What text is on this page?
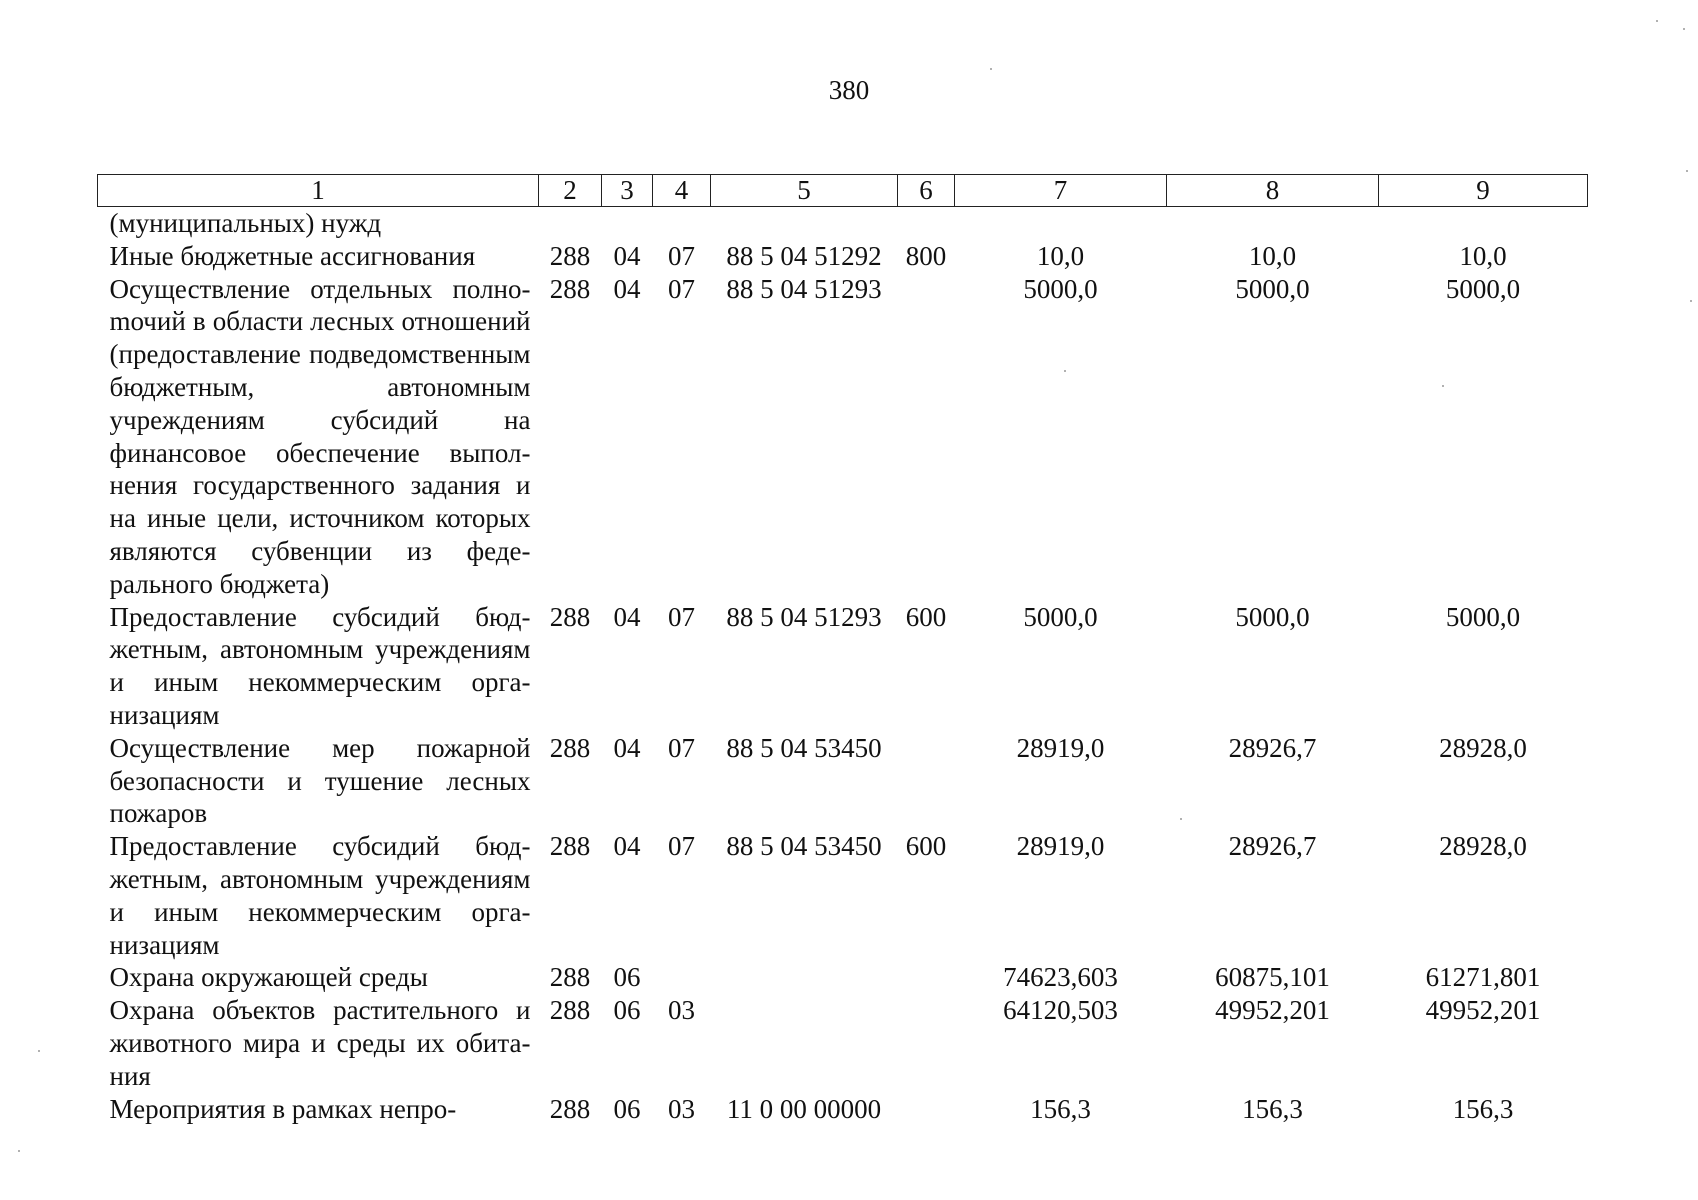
380
1	2	3	4	5	6	7	8	9
(муниципальных) нужд								
Иные бюджетные ассигнования	288	04	07	88 5 04 51292	800	10,0	10,0	10,0
Осуществление отдельных полноmочий в области лесных отношений (предоставление подведомственным бюджетным, автономным учреждениям субсидий на финансовое обеспечение выполнения государственного задания и на иные цели, источником которых являются субвенции из федерального бюджета)	288	04	07	88 5 04 51293		5000,0	5000,0	5000,0
Предоставление субсидий бюджетным, автономным учреждениям и иным некоммерческим организациям	288	04	07	88 5 04 51293	600	5000,0	5000,0	5000,0
Осуществление мер пожарной безопасности и тушение лесных пожаров	288	04	07	88 5 04 53450		28919,0	28926,7	28928,0
Предоставление субсидий бюджетным, автономным учреждениям и иным некоммерческим организациям	288	04	07	88 5 04 53450	600	28919,0	28926,7	28928,0
Охрана окружающей среды	288	06				74623,603	60875,101	61271,801
Охрана объектов растительного и животного мира и среды их обитания	288	06	03			64120,503	49952,201	49952,201
Мероприятия в рамках непро-	288	06	03	11 0 00 00000		156,3	156,3	156,3
